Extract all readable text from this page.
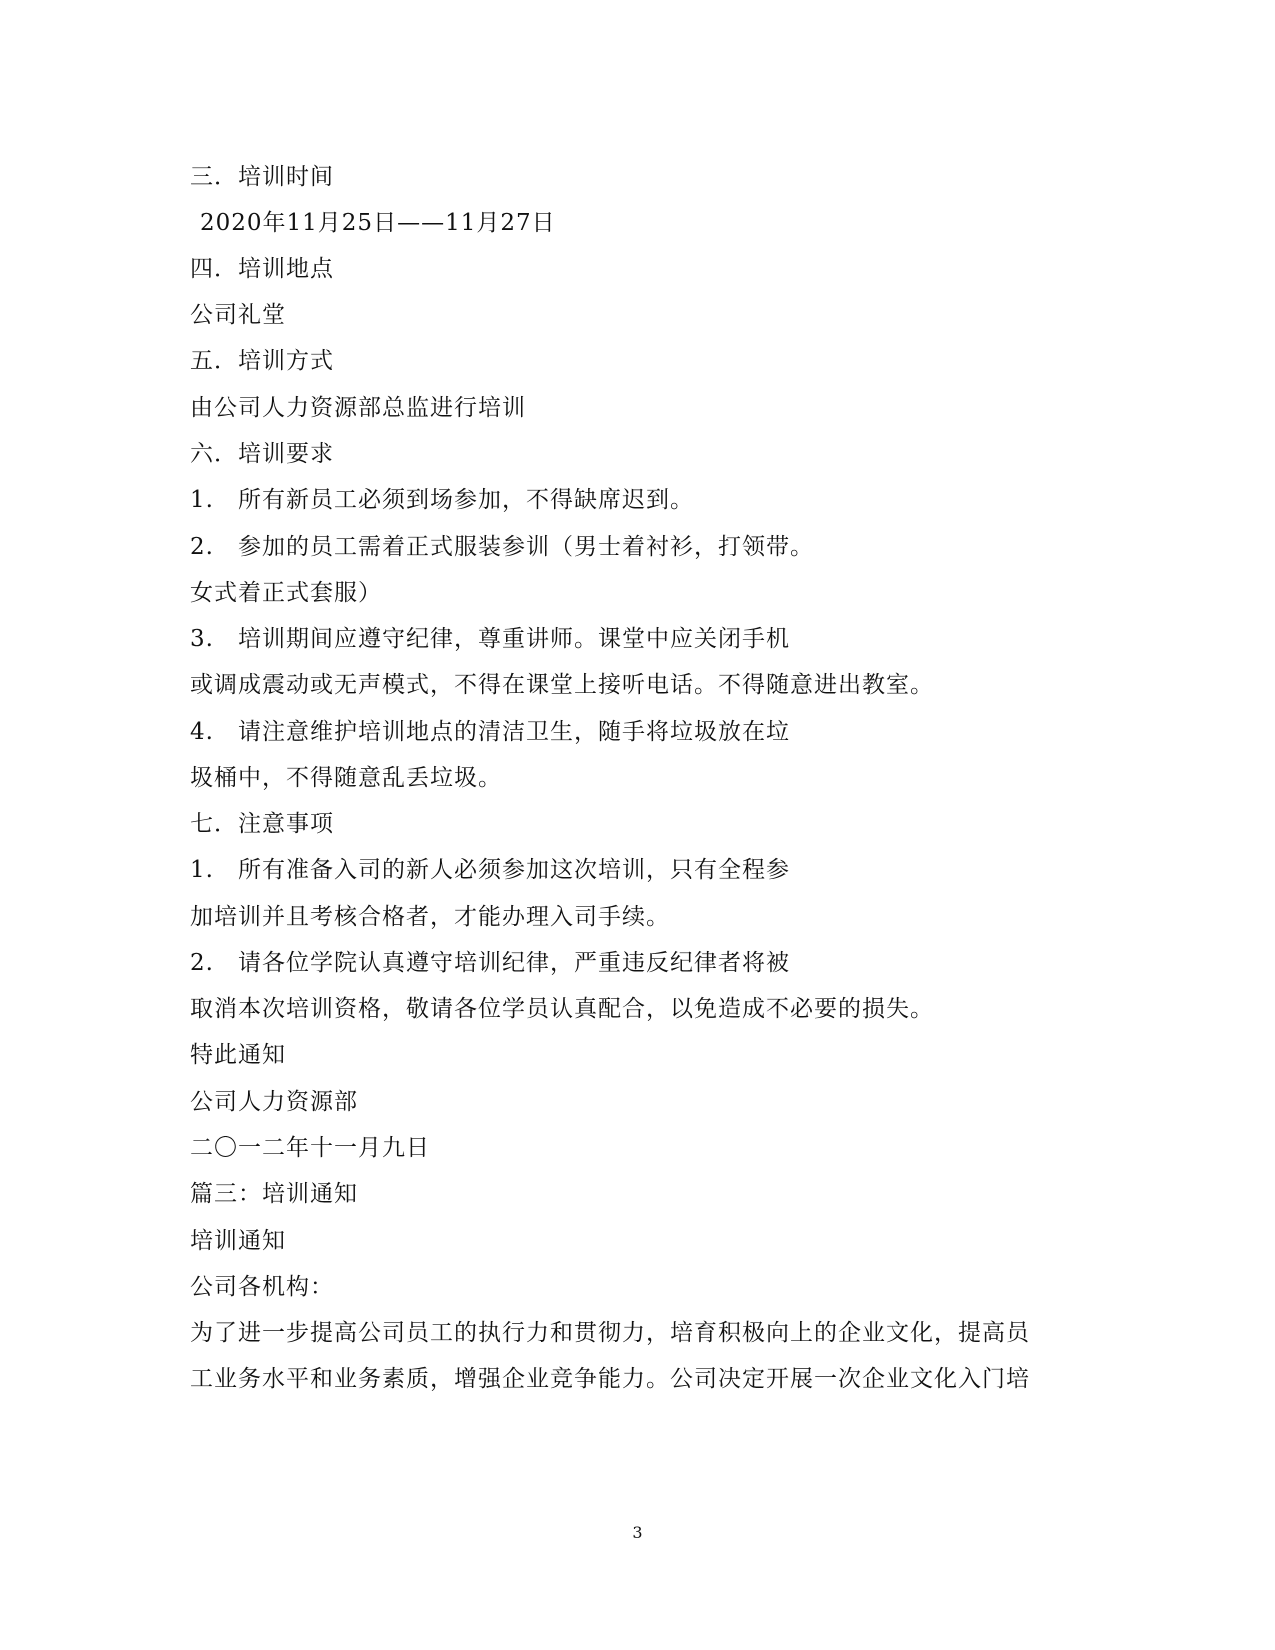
三．培训时间
2020年11月25日——11月27日
四．培训地点
公司礼堂
五．培训方式
由公司人力资源部总监进行培训
六．培训要求
1.　所有新员工必须到场参加，不得缺席迟到。
2.　参加的员工需着正式服装参训（男士着衬衫，打领带。
女式着正式套服）
3.　培训期间应遵守纪律，尊重讲师。课堂中应关闭手机
或调成震动或无声模式，不得在课堂上接听电话。不得随意进出教室。
4.　请注意维护培训地点的清洁卫生，随手将垃圾放在垃
圾桶中，不得随意乱丢垃圾。
七．注意事项
1.　所有准备入司的新人必须参加这次培训，只有全程参
加培训并且考核合格者，才能办理入司手续。
2.　请各位学院认真遵守培训纪律，严重违反纪律者将被
取消本次培训资格，敬请各位学员认真配合，以免造成不必要的损失。
特此通知
公司人力资源部
二〇一二年十一月九日
篇三：培训通知
培训通知
公司各机构：
为了进一步提高公司员工的执行力和贯彻力，培育积极向上的企业文化，提高员
工业务水平和业务素质，增强企业竞争能力。公司决定开展一次企业文化入门培
3
